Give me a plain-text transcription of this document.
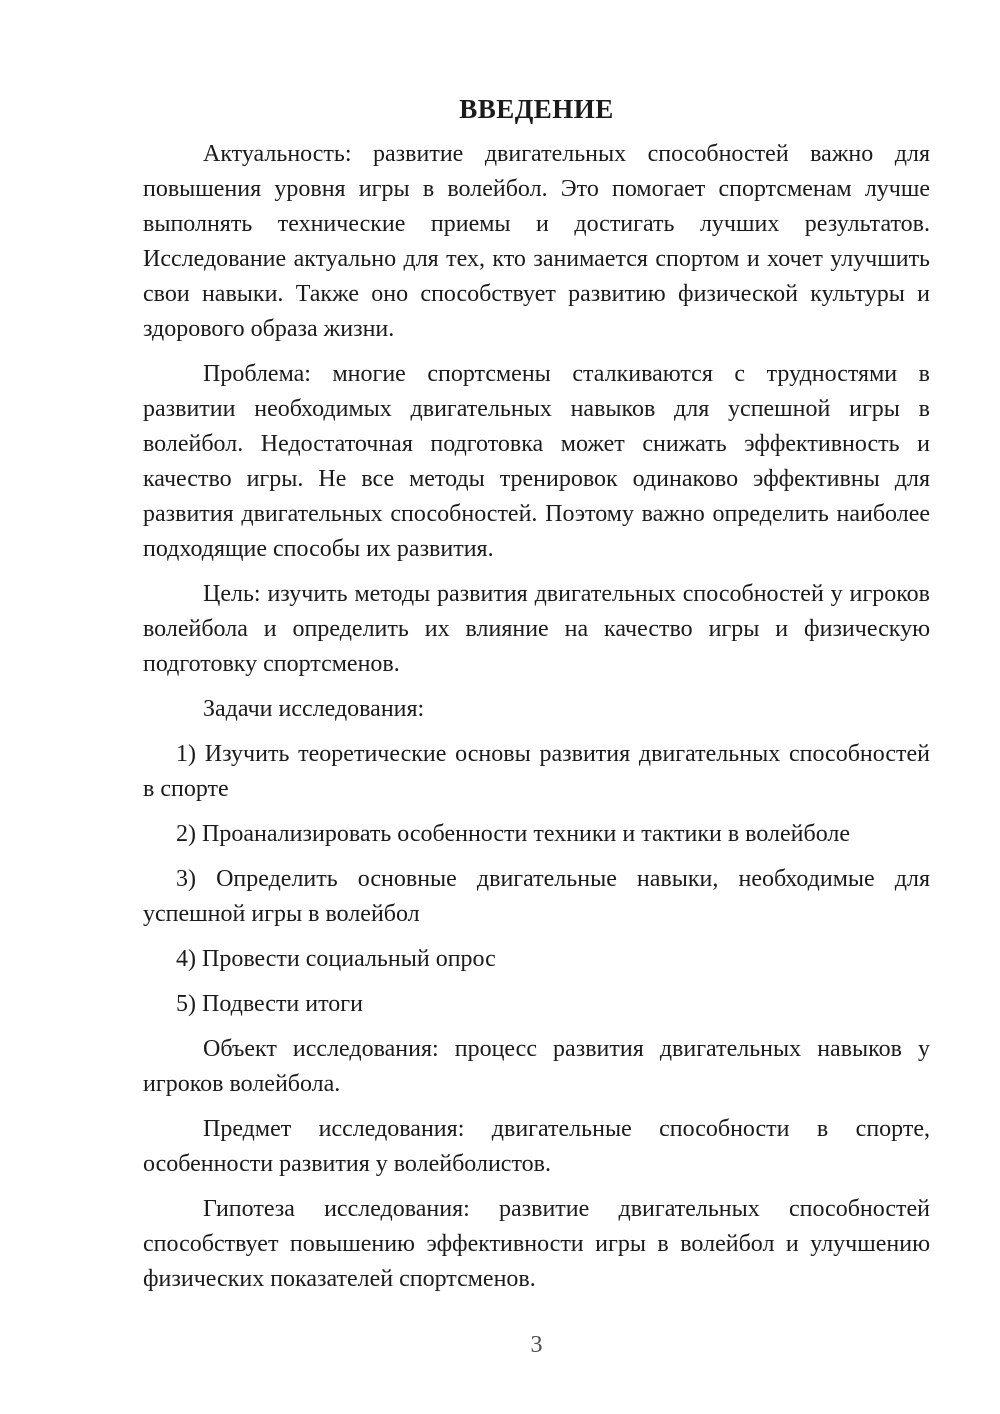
ВВЕДЕНИЕ

Актуальность: развитие двигательных способностей важно для повышения уровня игры в волейбол. Это помогает спортсменам лучше выполнять технические приемы и достигать лучших результатов. Исследование актуально для тех, кто занимается спортом и хочет улучшить свои навыки. Также оно способствует развитию физической культуры и здорового образа жизни.

Проблема: многие спортсмены сталкиваются с трудностями в развитии необходимых двигательных навыков для успешной игры в волейбол. Недостаточная подготовка может снижать эффективность и качество игры. Не все методы тренировок одинаково эффективны для развития двигательных способностей. Поэтому важно определить наиболее подходящие способы их развития.

Цель: изучить методы развития двигательных способностей у игроков волейбола и определить их влияние на качество игры и физическую подготовку спортсменов.

Задачи исследования:

1) Изучить теоретические основы развития двигательных способностей в спорте

2) Проанализировать особенности техники и тактики в волейболе

3) Определить основные двигательные навыки, необходимые для успешной игры в волейбол

4) Провести социальный опрос

5) Подвести итоги

Объект исследования: процесс развития двигательных навыков у игроков волейбола.

Предмет исследования: двигательные способности в спорте, особенности развития у волейболистов.

Гипотеза исследования: развитие двигательных способностей способствует повышению эффективности игры в волейбол и улучшению физических показателей спортсменов.

3
